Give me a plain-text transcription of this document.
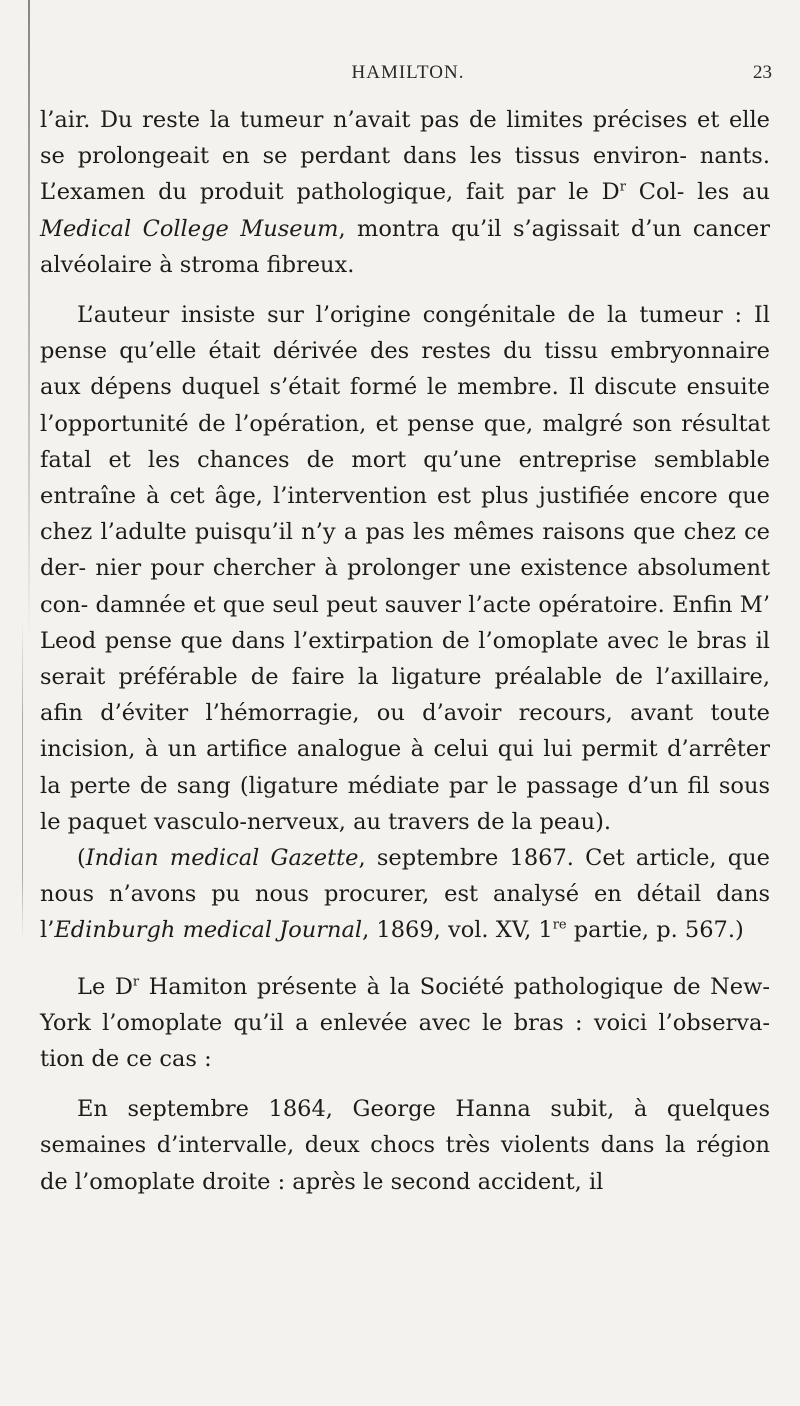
HAMILTON.	23

l’air. Du reste la tumeur n’avait pas de limites précises et elle se prolongeait en se perdant dans les tissus environ- nants. L’examen du produit pathologique, fait par le $D^r$ Col- les au Medical College Museum, montra qu’il s’agissait d’un cancer alvéolaire à stroma fibreux.

L’auteur insiste sur l’origine congénitale de la tumeur : Il pense qu’elle était dérivée des restes du tissu embryonnaire aux dépens duquel s’était formé le membre. Il discute ensuite l’opportunité de l’opération, et pense que, malgré son résultat fatal et les chances de mort qu’une entreprise semblable entraîne à cet âge, l’intervention est plus justifiée encore que chez l’adulte puisqu’il n’y a pas les mêmes raisons que chez ce der- nier pour chercher à prolonger une existence absolument con- damnée et que seul peut sauver l’acte opératoire. Enfin M’ Leod pense que dans l’extirpation de l’omoplate avec le bras il serait préférable de faire la ligature préalable de l’axillaire, afin d’éviter l’hémorragie, ou d’avoir recours, avant toute incision, à un artifice analogue à celui qui lui permit d’arrêter la perte de sang (ligature médiate par le passage d’un fil sous le paquet vasculo-nerveux, au travers de la peau).

(Indian medical Gazette, septembre 1867. Cet article, que nous n’avons pu nous procurer, est analysé en détail dans l’Edinburgh medical Journal, 1869, vol. XV, 1re partie, p. 567.)

Le $D^r$ Hamiton présente à la Société pathologique de New- York l’omoplate qu’il a enlevée avec le bras : voici l’observa- tion de ce cas :

En septembre 1864, George Hanna subit, à quelques semaines d’intervalle, deux chocs très violents dans la région de l’omoplate droite : après le second accident, il
